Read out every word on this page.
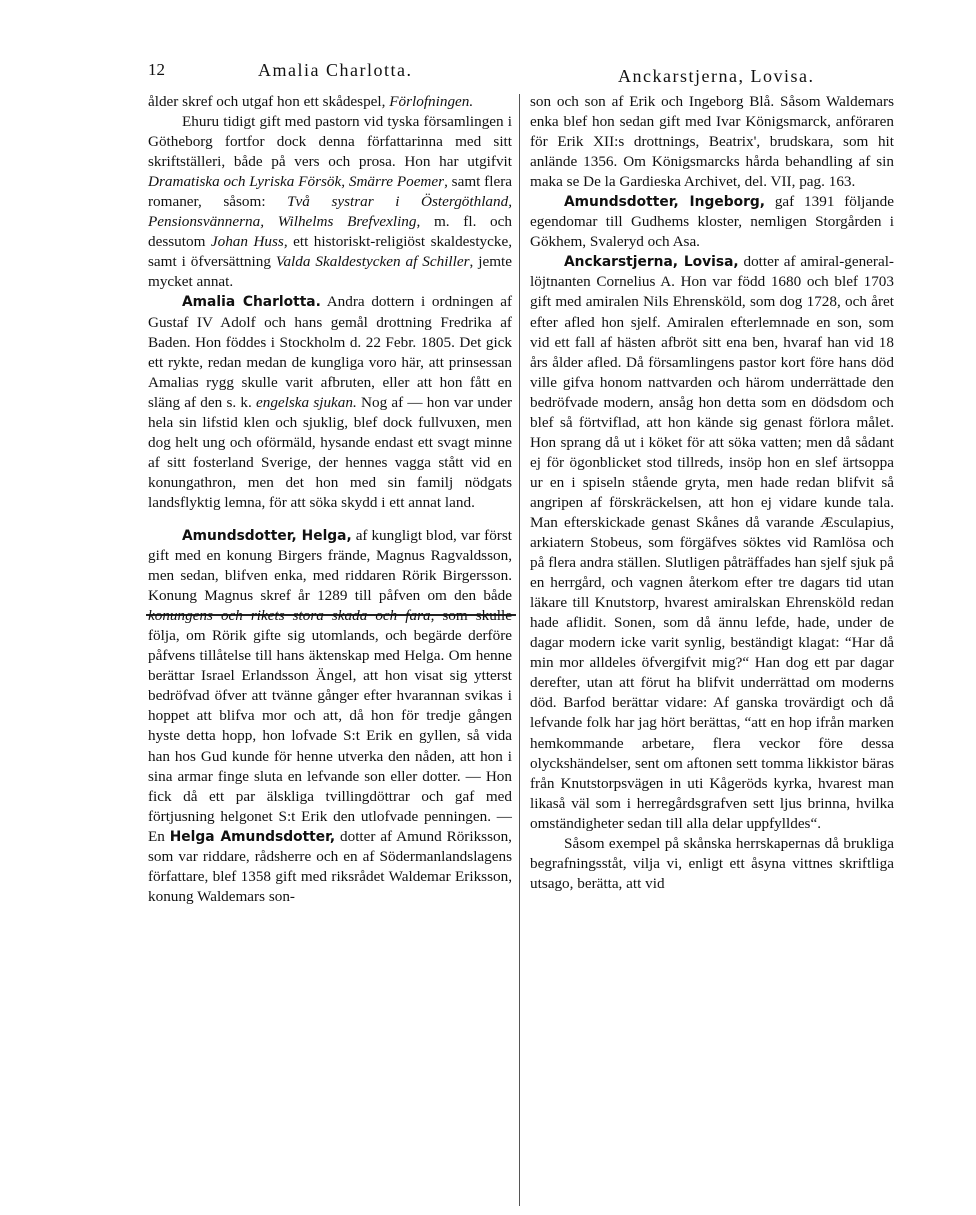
12	Amalia Charlotta.	Anckarstjerna, Lovisa.

ålder skref och utgaf hon ett skådespel, Förlofningen.

Ehuru tidigt gift med pastorn vid tyska församlingen i Götheborg fortfor dock denna författarinna med sitt skriftställeri, både på vers och prosa. Hon har utgifvit Dramatiska och Lyriska Försök, Smärre Poemer, samt flera romaner, såsom: Två systrar i Östergöthland, Pensionsvännerna, Wilhelms Brefvexling, m. fl. och dessutom Johan Huss, ett historiskt-religiöst skaldestycke, samt i öfversättning Valda Skaldestycken af Schiller, jemte mycket annat.

Amalia Charlotta. Andra dottern i ordningen af Gustaf IV Adolf och hans gemål drottning Fredrika af Baden. Hon föddes i Stockholm d. 22 Febr. 1805. Det gick ett rykte, redan medan de kungliga voro här, att prinsessan Amalias rygg skulle varit afbruten, eller att hon fått en släng af den s. k. engelska sjukan. Nog af — hon var under hela sin lifstid klen och sjuklig, blef dock fullvuxen, men dog helt ung och oförmäld, hysande endast ett svagt minne af sitt fosterland Sverige, der hennes vagga stått vid en konungathron, men det hon med sin familj nödgats landsflyktig lemna, för att söka skydd i ett annat land.

Amundsdotter, Helga, af kungligt blod, var först gift med en konung Birgers frände, Magnus Ragvaldsson, men sedan, blifven enka, med riddaren Rörik Birgersson. Konung Magnus skref år 1289 till påfven om den både konungens och rikets stora skada och fara, som skulle följa, om Rörik gifte sig utomlands, och begärde derföre påfvens tillåtelse till hans äktenskap med Helga. Om henne berättar Israel Erlandsson Ängel, att hon visat sig ytterst bedröfvad öfver att tvänne gånger efter hvarannan svikas i hoppet att blifva mor och att, då hon för tredje gången hyste detta hopp, hon lofvade S:t Erik en gyllen, så vida han hos Gud kunde för henne utverka den nåden, att hon i sina armar finge sluta en lefvande son eller dotter. — Hon fick då ett par älskliga tvillingdöttrar och gaf med förtjusning helgonet S:t Erik den utlofvade penningen. — En Helga Amundsdotter, dotter af Amund Röriksson, som var riddare, rådsherre och en af Södermanlandslagens författare, blef 1358 gift med riksrådet Waldemar Eriksson, konung Waldemars son-

son och son af Erik och Ingeborg Blå. Såsom Waldemars enka blef hon sedan gift med Ivar Königsmarck, anföraren för Erik XII:s drottnings, Beatrix', brudskara, som hit anlände 1356. Om Königsmarcks hårda behandling af sin maka se De la Gardieska Archivet, del. VII, pag. 163.

Amundsdotter, Ingeborg, gaf 1391 följande egendomar till Gudhems kloster, nemligen Storgården i Gökhem, Svaleryd och Asa.

Anckarstjerna, Lovisa, dotter af amiral-general-löjtnanten Cornelius A. Hon var född 1680 och blef 1703 gift med amiralen Nils Ehrensköld, som dog 1728, och året efter afled hon sjelf. Amiralen efterlemnade en son, som vid ett fall af hästen afbröt sitt ena ben, hvaraf han vid 18 års ålder afled. Då församlingens pastor kort före hans död ville gifva honom nattvarden och härom underrättade den bedröfvade modern, ansåg hon detta som en dödsdom och blef så förtviflad, att hon kände sig genast förlora målet. Hon sprang då ut i köket för att söka vatten; men då sådant ej för ögonblicket stod tillreds, insöp hon en slef ärtsoppa ur en i spiseln stående gryta, men hade redan blifvit så angripen af förskräckelsen, att hon ej vidare kunde tala. Man efterskickade genast Skånes då varande Æsculapius, arkiatern Stobeus, som förgäfves söktes vid Ramlösa och på flera andra ställen. Slutligen påträffades han sjelf sjuk på en herrgård, och vagnen återkom efter tre dagars tid utan läkare till Knutstorp, hvarest amiralskan Ehrensköld redan hade aflidit. Sonen, som då ännu lefde, hade, under de dagar modern icke varit synlig, beständigt klagat: “Har då min mor alldeles öfvergifvit mig?“ Han dog ett par dagar derefter, utan att förut ha blifvit underrättad om moderns död. Barfod berättar vidare: Af ganska trovärdigt och då lefvande folk har jag hört berättas, “att en hop ifrån marken hemkommande arbetare, flera veckor före dessa olyckshändelser, sent om aftonen sett tomma likkistor bäras från Knutstorpsvägen in uti Kågeröds kyrka, hvarest man likaså väl som i herregårdsgrafven sett ljus brinna, hvilka omständigheter sedan till alla delar uppfylldes“.

Såsom exempel på skånska herrskapernas då brukliga begrafningsståt, vilja vi, enligt ett åsyna vittnes skriftliga utsago, berätta, att vid
